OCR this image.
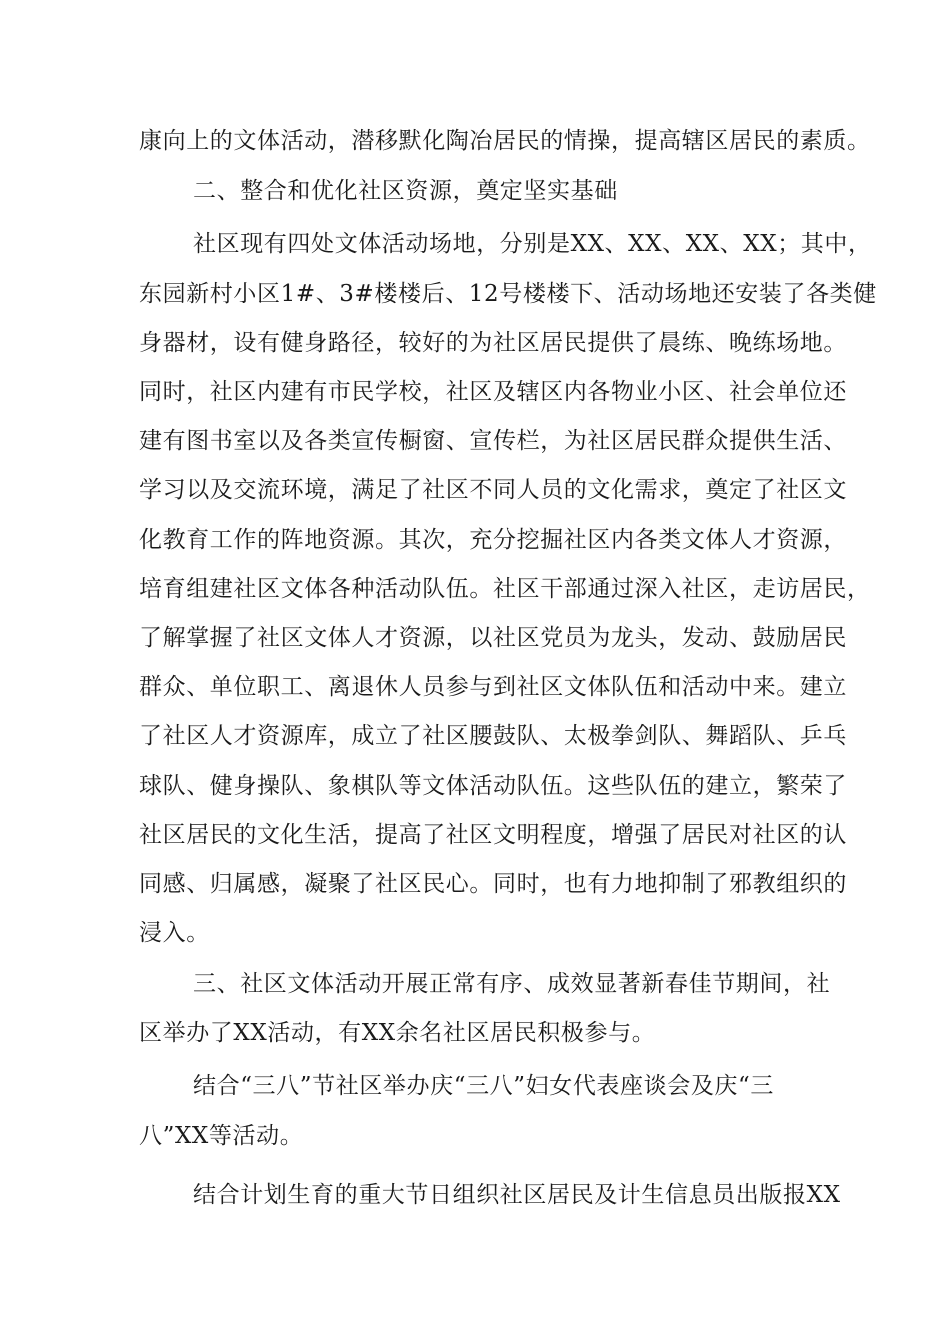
康向上的文体活动，潜移默化陶冶居民的情操，提高辖区居民的素质。
二、整合和优化社区资源，奠定坚实基础
社区现有四处文体活动场地，分别是XX、XX、XX、XX；其中，
东园新村小区1#、3#楼楼后、12号楼楼下、活动场地还安装了各类健
身器材，设有健身路径，较好的为社区居民提供了晨练、晚练场地。
同时，社区内建有市民学校，社区及辖区内各物业小区、社会单位还
建有图书室以及各类宣传橱窗、宣传栏，为社区居民群众提供生活、
学习以及交流环境，满足了社区不同人员的文化需求，奠定了社区文
化教育工作的阵地资源。其次，充分挖掘社区内各类文体人才资源，
培育组建社区文体各种活动队伍。社区干部通过深入社区，走访居民，
了解掌握了社区文体人才资源，以社区党员为龙头，发动、鼓励居民
群众、单位职工、离退休人员参与到社区文体队伍和活动中来。建立
了社区人才资源库，成立了社区腰鼓队、太极拳剑队、舞蹈队、乒乓
球队、健身操队、象棋队等文体活动队伍。这些队伍的建立，繁荣了
社区居民的文化生活，提高了社区文明程度，增强了居民对社区的认
同感、归属感，凝聚了社区民心。同时，也有力地抑制了邪教组织的
浸入。
三、社区文体活动开展正常有序、成效显著新春佳节期间，社
区举办了XX活动，有XX余名社区居民积极参与。
结合“三八”节社区举办庆“三八”妇女代表座谈会及庆“三
八”XX等活动。
结合计划生育的重大节日组织社区居民及计生信息员出版报XX
